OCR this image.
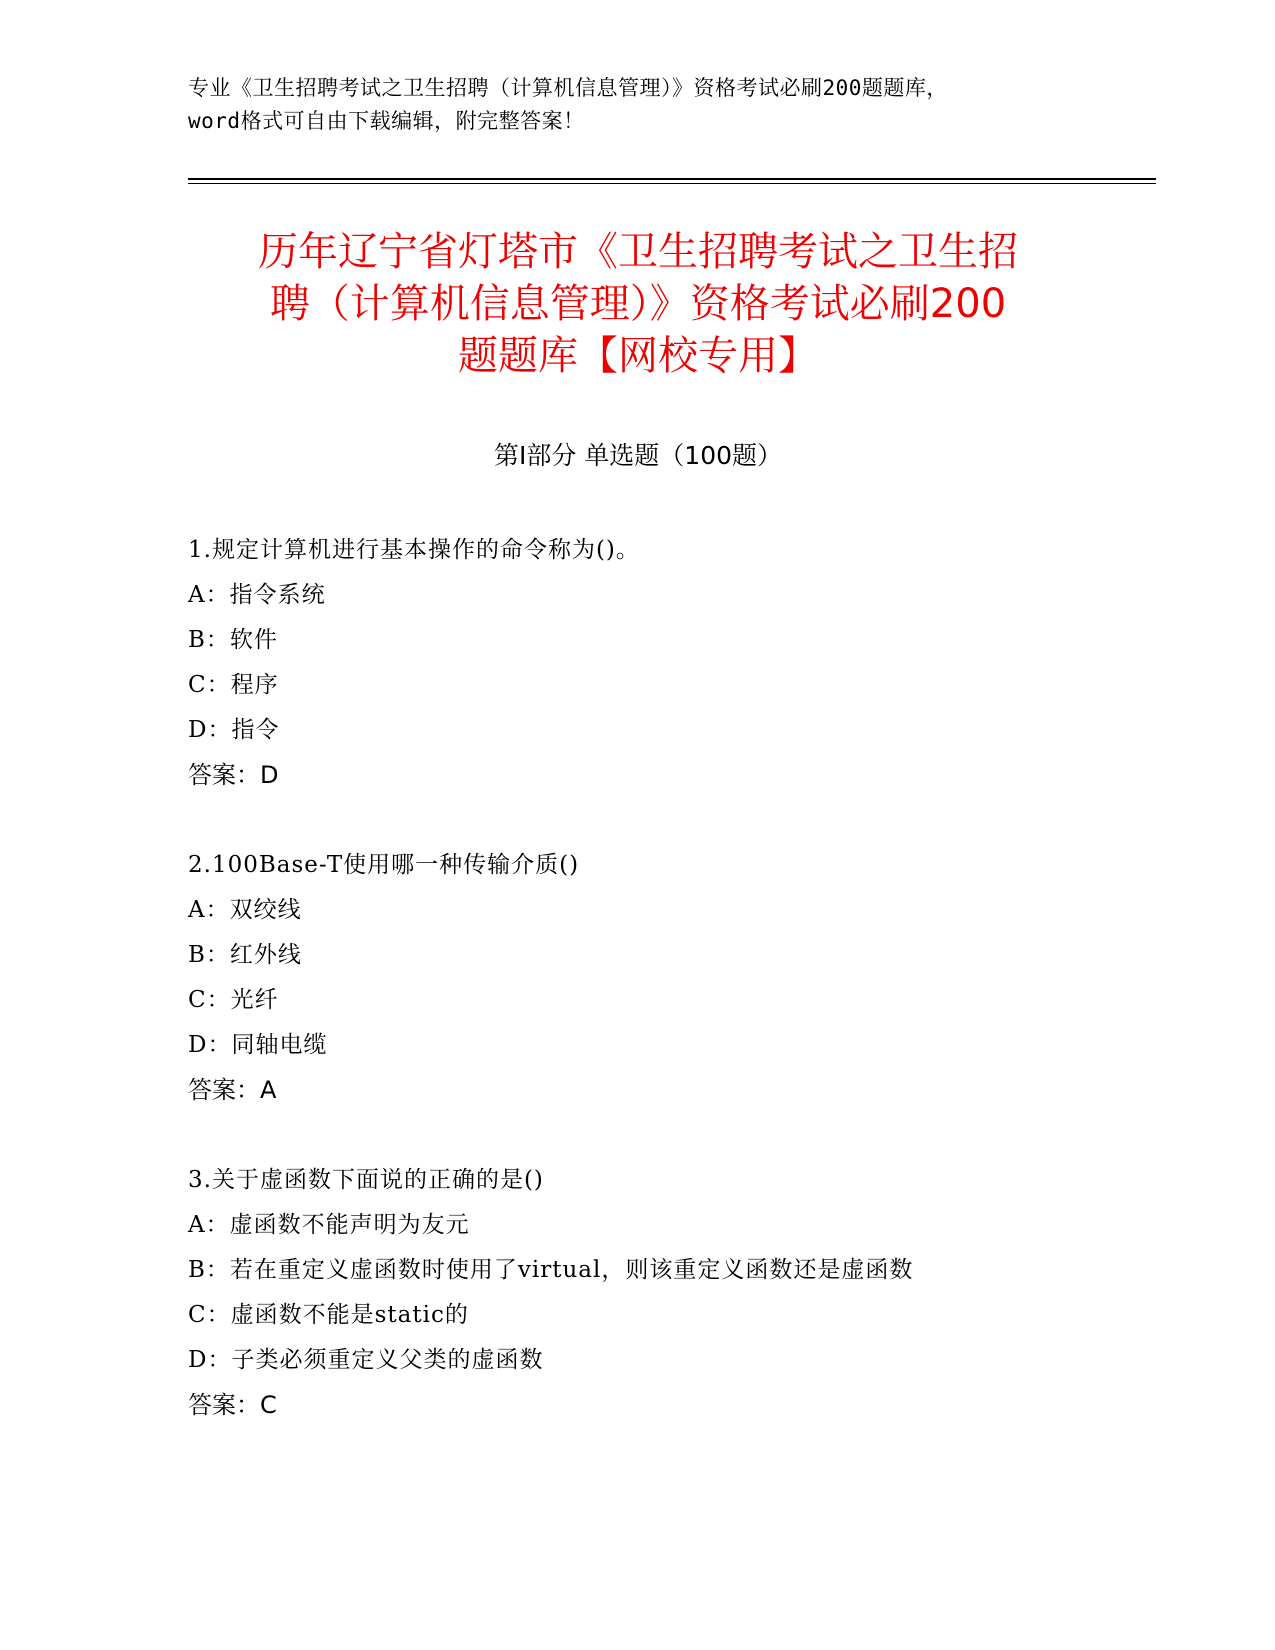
专业《卫生招聘考试之卫生招聘（计算机信息管理）》资格考试必刷200题题库，
word格式可自由下载编辑，附完整答案！
历年辽宁省灯塔市《卫生招聘考试之卫生招
聘（计算机信息管理）》资格考试必刷200
题题库【网校专用】
第I部分 单选题（100题）
1.规定计算机进行基本操作的命令称为()。
A：指令系统
B：软件
C：程序
D：指令
答案：D
2.100Base-T使用哪一种传输介质()
A：双绞线
B：红外线
C：光纤
D：同轴电缆
答案：A
3.关于虚函数下面说的正确的是()
A：虚函数不能声明为友元
B：若在重定义虚函数时使用了virtual，则该重定义函数还是虚函数
C：虚函数不能是static的
D：子类必须重定义父类的虚函数
答案：C
